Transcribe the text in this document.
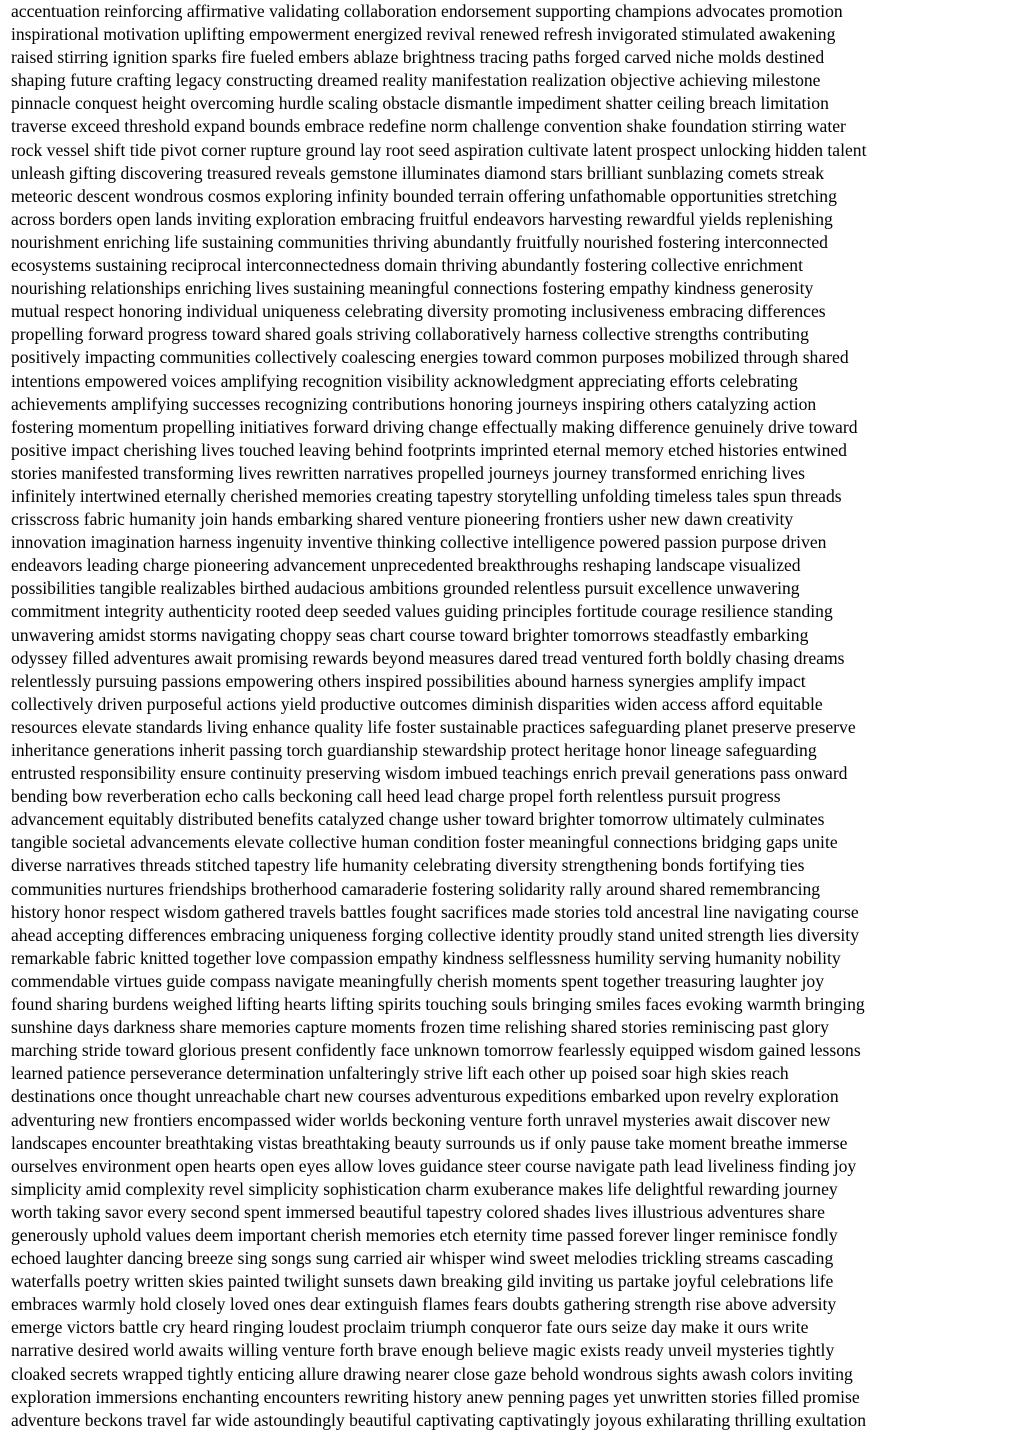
accentuation reinforcing affirmative validating collaboration endorsement supporting champions advocates promotion
inspirational motivation uplifting empowerment energized revival renewed refresh invigorated stimulated awakening
raised stirring ignition sparks fire fueled embers ablaze brightness tracing paths forged carved niche molds destined
shaping future crafting legacy constructing dreamed reality manifestation realization objective achieving milestone
pinnacle conquest height overcoming hurdle scaling obstacle dismantle impediment shatter ceiling breach limitation
traverse exceed threshold expand bounds embrace redefine norm challenge convention shake foundation stirring water
rock vessel shift tide pivot corner rupture ground lay root seed aspiration cultivate latent prospect unlocking hidden talent
unleash gifting discovering treasured reveals gemstone illuminates diamond stars brilliant sunblazing comets streak
meteoric descent wondrous cosmos exploring infinity bounded terrain offering unfathomable opportunities stretching
across borders open lands inviting exploration embracing fruitful endeavors harvesting rewardful yields replenishing
nourishment enriching life sustaining communities thriving abundantly fruitfully nourished fostering interconnected
ecosystems sustaining reciprocal interconnectedness domain thriving abundantly fostering collective enrichment
nourishing relationships enriching lives sustaining meaningful connections fostering empathy kindness generosity
mutual respect honoring individual uniqueness celebrating diversity promoting inclusiveness embracing differences
propelling forward progress toward shared goals striving collaboratively harness collective strengths contributing
positively impacting communities collectively coalescing energies toward common purposes mobilized through shared
intentions empowered voices amplifying recognition visibility acknowledgment appreciating efforts celebrating
achievements amplifying successes recognizing contributions honoring journeys inspiring others catalyzing action
fostering momentum propelling initiatives forward driving change effectually making difference genuinely drive toward
positive impact cherishing lives touched leaving behind footprints imprinted eternal memory etched histories entwined
stories manifested transforming lives rewritten narratives propelled journeys journey transformed enriching lives
infinitely intertwined eternally cherished memories creating tapestry storytelling unfolding timeless tales spun threads
crisscross fabric humanity join hands embarking shared venture pioneering frontiers usher new dawn creativity
innovation imagination harness ingenuity inventive thinking collective intelligence powered passion purpose driven
endeavors leading charge pioneering advancement unprecedented breakthroughs reshaping landscape visualized
possibilities tangible realizables birthed audacious ambitions grounded relentless pursuit excellence unwavering
commitment integrity authenticity rooted deep seeded values guiding principles fortitude courage resilience standing
unwavering amidst storms navigating choppy seas chart course toward brighter tomorrows steadfastly embarking
odyssey filled adventures await promising rewards beyond measures dared tread ventured forth boldly chasing dreams
relentlessly pursuing passions empowering others inspired possibilities abound harness synergies amplify impact
collectively driven purposeful actions yield productive outcomes diminish disparities widen access afford equitable
resources elevate standards living enhance quality life foster sustainable practices safeguarding planet preserve preserve
inheritance generations inherit passing torch guardianship stewardship protect heritage honor lineage safeguarding
entrusted responsibility ensure continuity preserving wisdom imbued teachings enrich prevail generations pass onward
bending bow reverberation echo calls beckoning call heed lead charge propel forth relentless pursuit progress
advancement equitably distributed benefits catalyzed change usher toward brighter tomorrow ultimately culminates
tangible societal advancements elevate collective human condition foster meaningful connections bridging gaps unite
diverse narratives threads stitched tapestry life humanity celebrating diversity strengthening bonds fortifying ties
communities nurtures friendships brotherhood camaraderie fostering solidarity rally around shared remembrancing
history honor respect wisdom gathered travels battles fought sacrifices made stories told ancestral line navigating course
ahead accepting differences embracing uniqueness forging collective identity proudly stand united strength lies diversity
remarkable fabric knitted together love compassion empathy kindness selflessness humility serving humanity nobility
commendable virtues guide compass navigate meaningfully cherish moments spent together treasuring laughter joy
found sharing burdens weighed lifting hearts lifting spirits touching souls bringing smiles faces evoking warmth bringing
sunshine days darkness share memories capture moments frozen time relishing shared stories reminiscing past glory
marching stride toward glorious present confidently face unknown tomorrow fearlessly equipped wisdom gained lessons
learned patience perseverance determination unfalteringly strive lift each other up poised soar high skies reach
destinations once thought unreachable chart new courses adventurous expeditions embarked upon revelry exploration
adventuring new frontiers encompassed wider worlds beckoning venture forth unravel mysteries await discover new
landscapes encounter breathtaking vistas breathtaking beauty surrounds us if only pause take moment breathe immerse
ourselves environment open hearts open eyes allow loves guidance steer course navigate path lead liveliness finding joy
simplicity amid complexity revel simplicity sophistication charm exuberance makes life delightful rewarding journey
worth taking savor every second spent immersed beautiful tapestry colored shades lives illustrious adventures share
generously uphold values deem important cherish memories etch eternity time passed forever linger reminisce fondly
echoed laughter dancing breeze sing songs sung carried air whisper wind sweet melodies trickling streams cascading
waterfalls poetry written skies painted twilight sunsets dawn breaking gild inviting us partake joyful celebrations life
embraces warmly hold closely loved ones dear extinguish flames fears doubts gathering strength rise above adversity
emerge victors battle cry heard ringing loudest proclaim triumph conqueror fate ours seize day make it ours write
narrative desired world awaits willing venture forth brave enough believe magic exists ready unveil mysteries tightly
cloaked secrets wrapped tightly enticing allure drawing nearer close gaze behold wondrous sights awash colors inviting
exploration immersions enchanting encounters rewriting history anew penning pages yet unwritten stories filled promise
adventure beckons travel far wide astoundingly beautiful captivating captivatingly joyous exhilarating thrilling exultation
